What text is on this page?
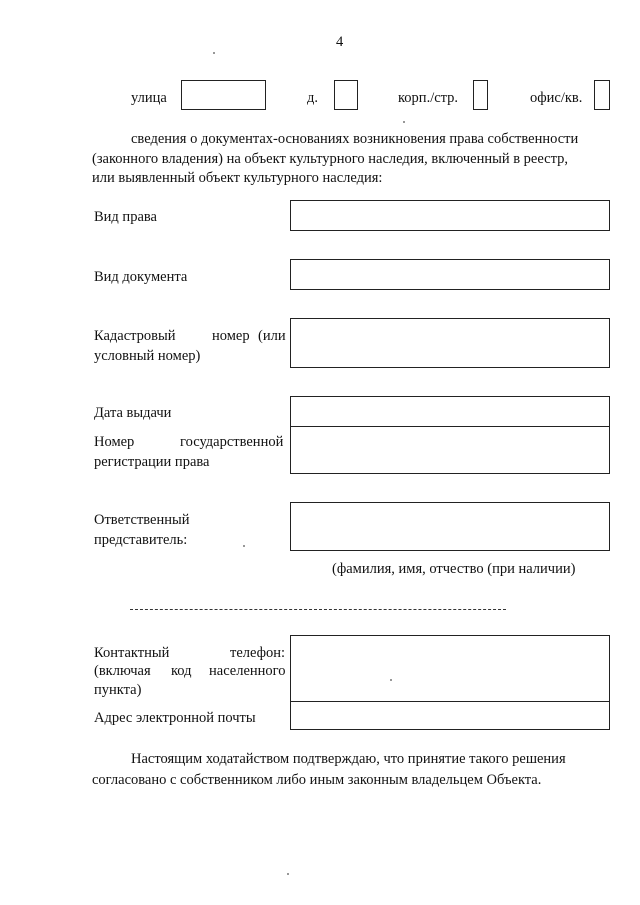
4
улица	д.	корп./стр.	офис/кв.
сведения о документах-основаниях возникновения права собственности
(законного владения) на объект культурного наследия, включенный в реестр,
или выявленный объект культурного наследия:
Вид права
Вид документа
Кадастровый	номер (или
условный номер)
Дата выдачи
Номер	государственной
регистрации права
Ответственный
представитель:
(фамилия, имя, отчество (при наличии)
Контактный	телефон:
(включая код населенного
пункта)
Адрес электронной почты
Настоящим ходатайством подтверждаю, что принятие такого решения
согласовано с собственником либо иным законным владельцем Объекта.
